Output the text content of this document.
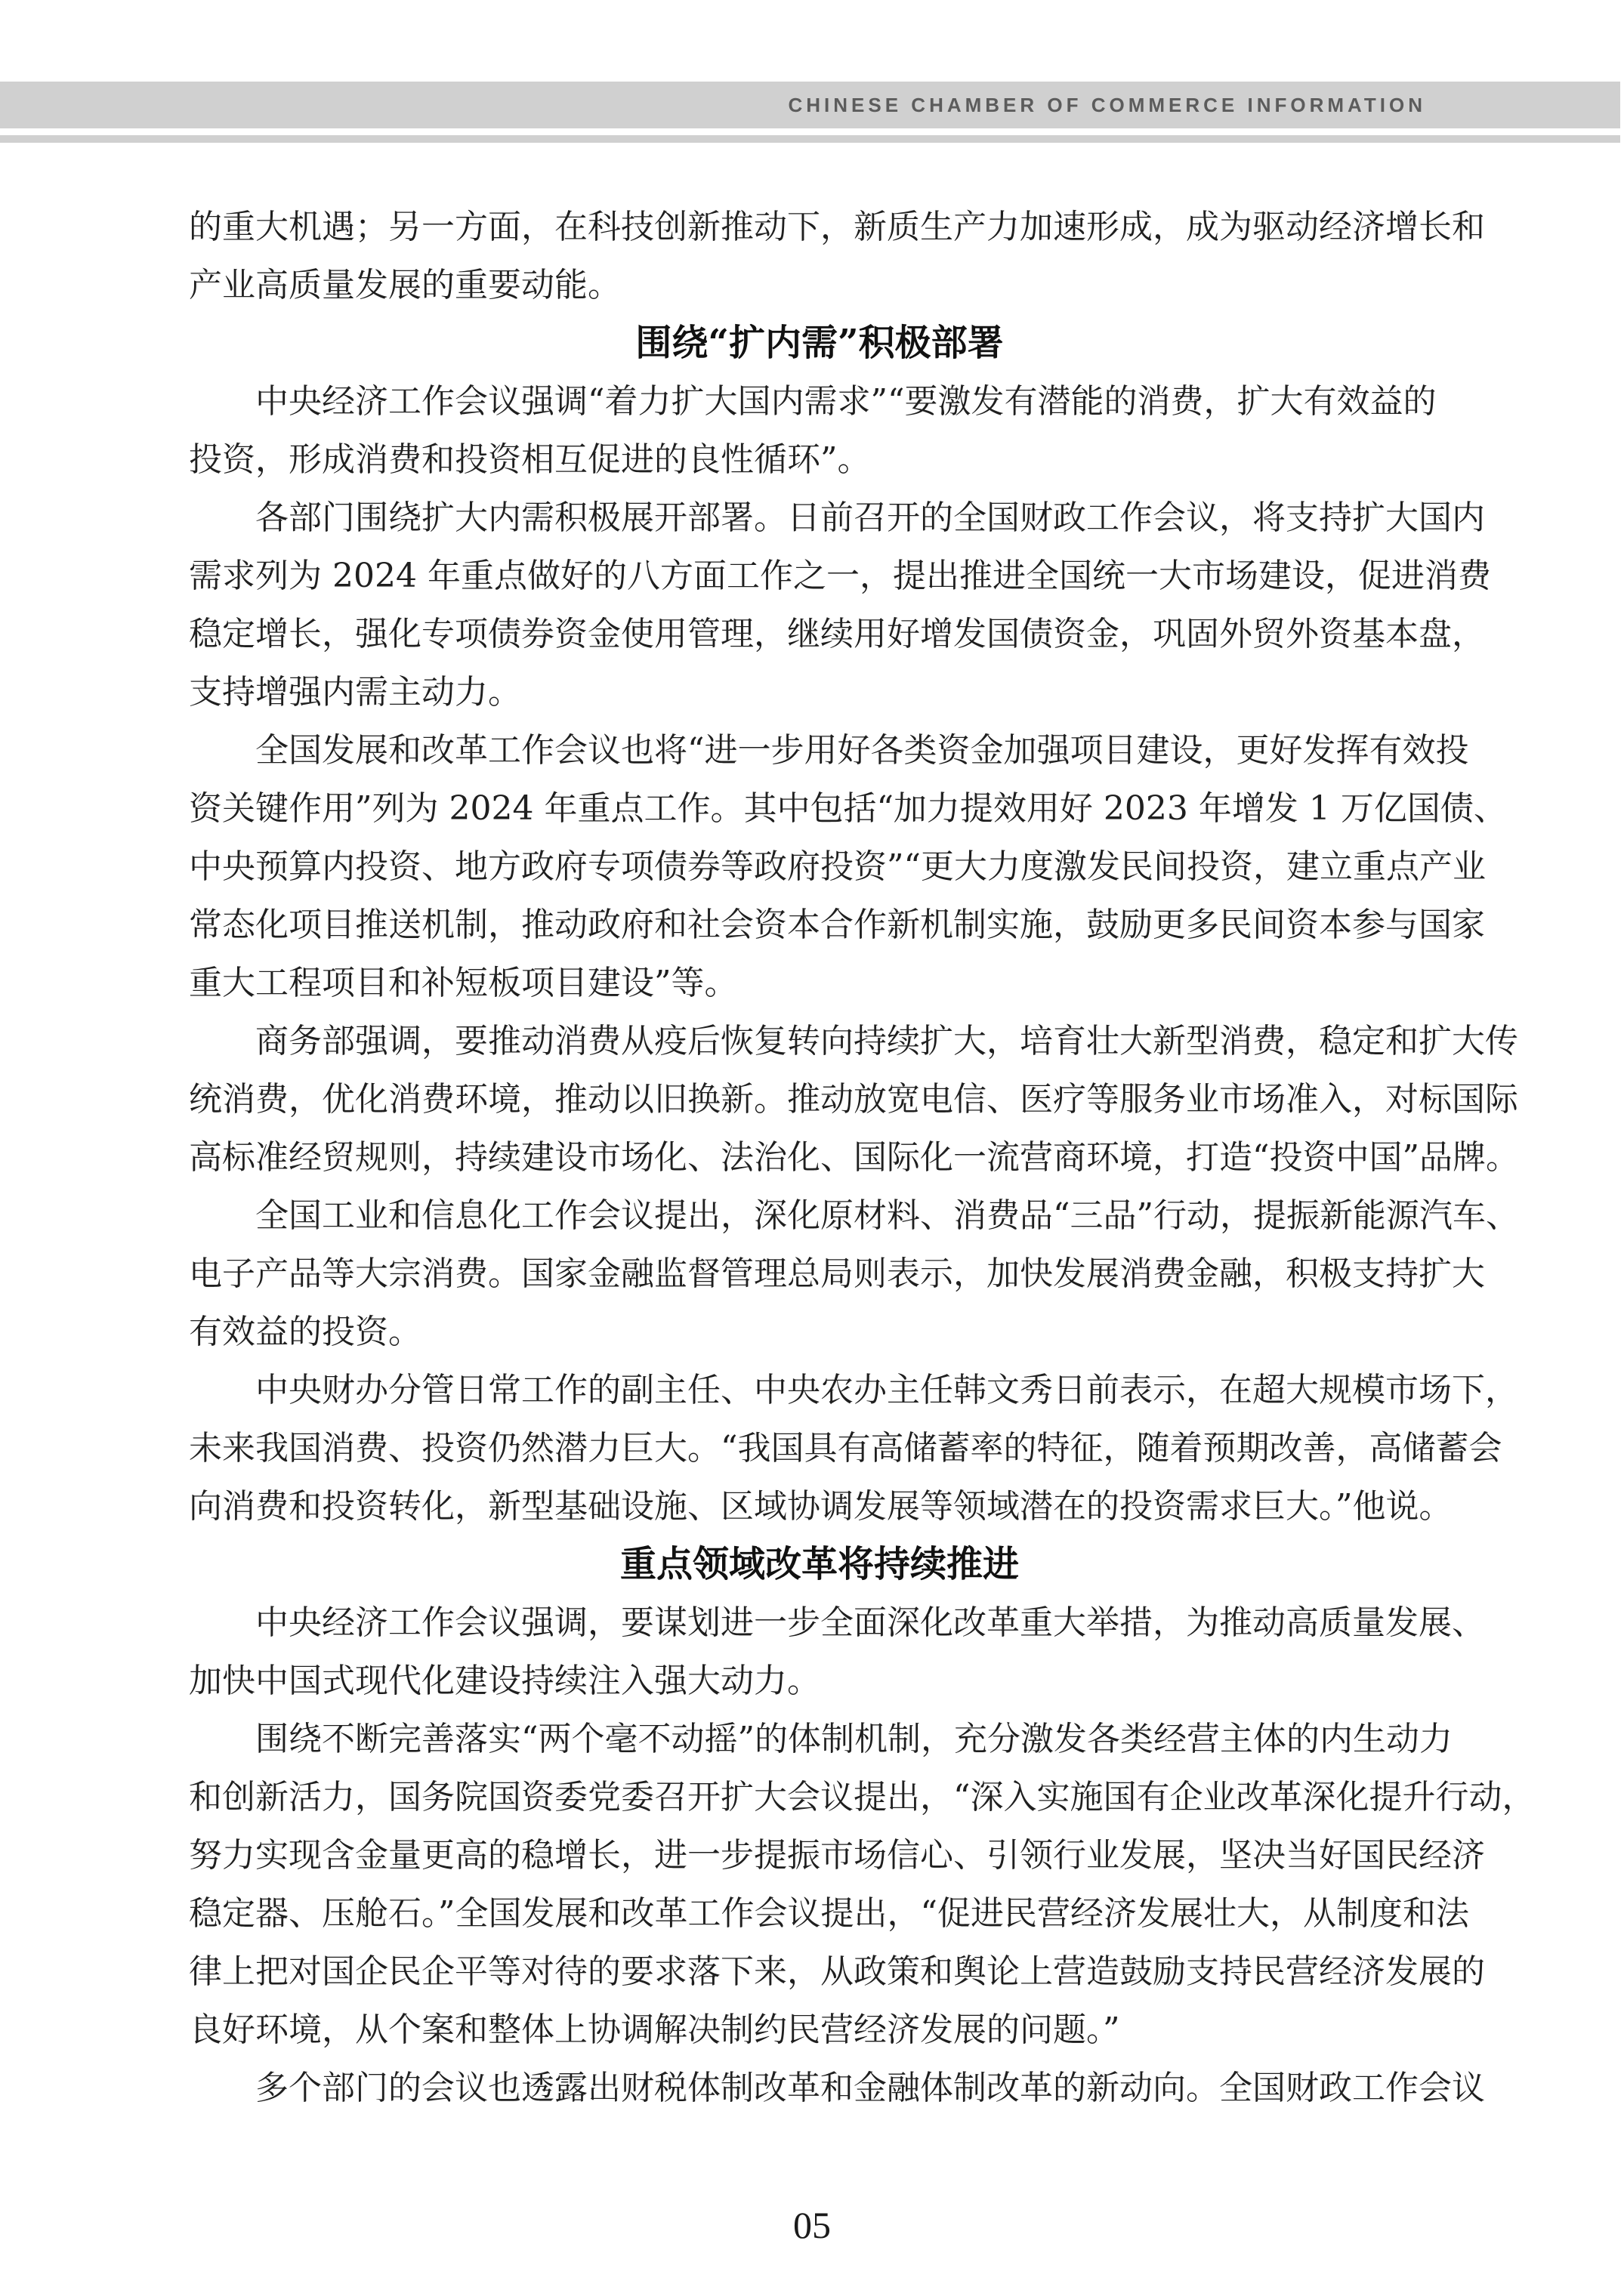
CHINESE CHAMBER OF COMMERCE INFORMATION
的重大机遇；另一方面，在科技创新推动下，新质生产力加速形成，成为驱动经济增长和
产业高质量发展的重要动能。
围绕“扩内需”积极部署
中央经济工作会议强调“着力扩大国内需求”“要激发有潜能的消费，扩大有效益的
投资，形成消费和投资相互促进的良性循环”。
各部门围绕扩大内需积极展开部署。日前召开的全国财政工作会议，将支持扩大国内
需求列为 2024 年重点做好的八方面工作之一，提出推进全国统一大市场建设，促进消费
稳定增长，强化专项债券资金使用管理，继续用好增发国债资金，巩固外贸外资基本盘，
支持增强内需主动力。
全国发展和改革工作会议也将“进一步用好各类资金加强项目建设，更好发挥有效投
资关键作用”列为 2024 年重点工作。其中包括“加力提效用好 2023 年增发 1 万亿国债、
中央预算内投资、地方政府专项债券等政府投资”“更大力度激发民间投资，建立重点产业
常态化项目推送机制，推动政府和社会资本合作新机制实施，鼓励更多民间资本参与国家
重大工程项目和补短板项目建设”等。
商务部强调，要推动消费从疫后恢复转向持续扩大，培育壮大新型消费，稳定和扩大传
统消费，优化消费环境，推动以旧换新。推动放宽电信、医疗等服务业市场准入，对标国际
高标准经贸规则，持续建设市场化、法治化、国际化一流营商环境，打造“投资中国”品牌。
全国工业和信息化工作会议提出，深化原材料、消费品“三品”行动，提振新能源汽车、
电子产品等大宗消费。国家金融监督管理总局则表示，加快发展消费金融，积极支持扩大
有效益的投资。
中央财办分管日常工作的副主任、中央农办主任韩文秀日前表示，在超大规模市场下，
未来我国消费、投资仍然潜力巨大。“我国具有高储蓄率的特征，随着预期改善，高储蓄会
向消费和投资转化，新型基础设施、区域协调发展等领域潜在的投资需求巨大。”他说。
重点领域改革将持续推进
中央经济工作会议强调，要谋划进一步全面深化改革重大举措，为推动高质量发展、
加快中国式现代化建设持续注入强大动力。
围绕不断完善落实“两个毫不动摇”的体制机制，充分激发各类经营主体的内生动力
和创新活力，国务院国资委党委召开扩大会议提出，“深入实施国有企业改革深化提升行动，
努力实现含金量更高的稳增长，进一步提振市场信心、引领行业发展，坚决当好国民经济
稳定器、压舱石。”全国发展和改革工作会议提出，“促进民营经济发展壮大，从制度和法
律上把对国企民企平等对待的要求落下来，从政策和舆论上营造鼓励支持民营经济发展的
良好环境，从个案和整体上协调解决制约民营经济发展的问题。”
多个部门的会议也透露出财税体制改革和金融体制改革的新动向。全国财政工作会议
05
